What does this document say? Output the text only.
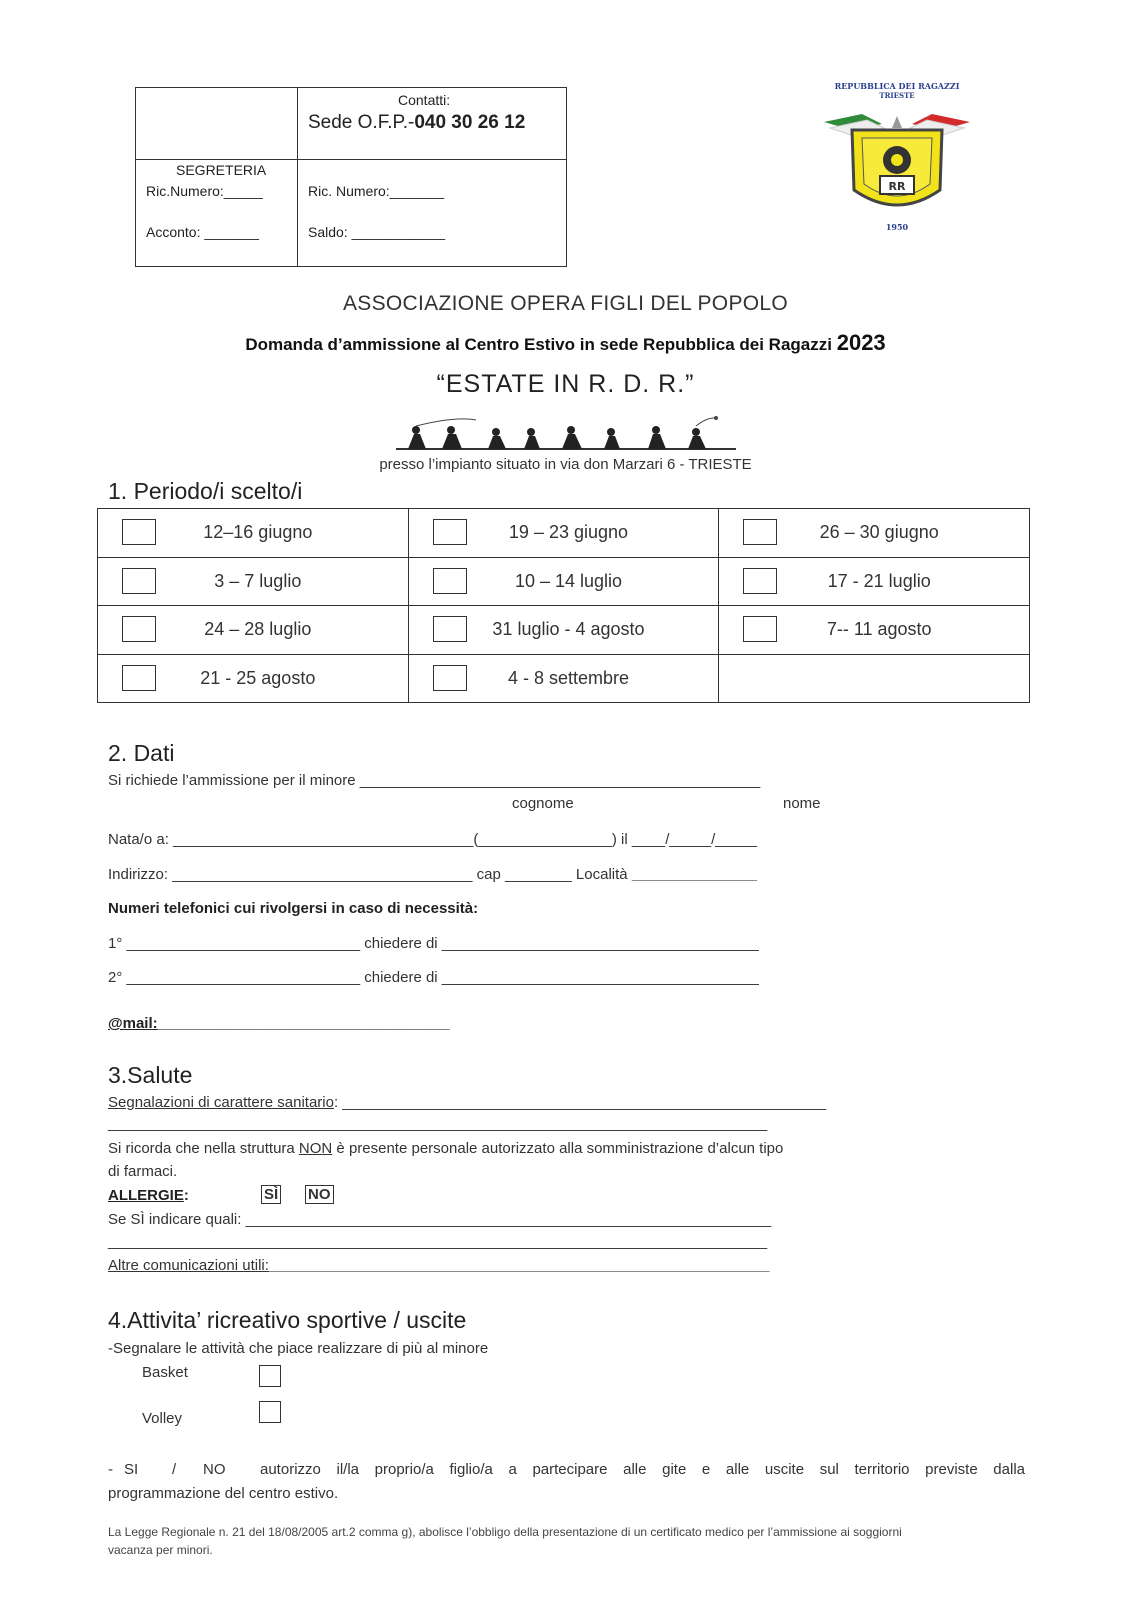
Contatti:
Sede O.F.P.-040 30 26 12
SEGRETERIA
Ric.Numero:_____	Ric. Numero:_______
Acconto: _______	Saldo: ____________
REPUBBLICA DEI RAGAZZI
TRIESTE
RR
1950
ASSOCIAZIONE OPERA FIGLI DEL POPOLO
Domanda d’ammissione al Centro Estivo in sede Repubblica dei Ragazzi 2023
“ESTATE IN R. D. R.”
presso l’impianto situato in via don Marzari 6 - TRIESTE
1. Periodo/i scelto/i
12–16 giugno	19 – 23 giugno	26 – 30 giugno

3 – 7 luglio	10 – 14 luglio	17 - 21 luglio

24 – 28 luglio	31 luglio - 4 agosto	7-- 11 agosto

21 - 25 agosto	4 - 8 settembre	
2. Dati
Si richiede l’ammissione per il minore ________________________________________________
cognome	nome
Nata/o a: ____________________________________(________________) il ____/_____/_____
Indirizzo: ____________________________________ cap ________ Località _______________
Numeri telefonici cui rivolgersi in caso di necessità:
1° ____________________________ chiedere di ______________________________________
2° ____________________________ chiedere di ______________________________________
@mail:___________________________________
3.Salute
Segnalazioni di carattere sanitario: __________________________________________________________
_______________________________________________________________________________
Si ricorda che nella struttura NON è presente personale autorizzato alla somministrazione d’alcun tipo
di farmaci.
ALLERGIE:	SÌ NO
Se SÌ indicare quali: _______________________________________________________________
_______________________________________________________________________________
Altre comunicazioni utili:____________________________________________________________
4.Attivita’ ricreativo sportive / uscite
-Segnalare le attività che piace realizzare di più al minore
Basket
Volley
- SI / NO autorizzo il/la proprio/a figlio/a a partecipare alle gite e alle uscite sul territorio previste dalla
programmazione del centro estivo.
La Legge Regionale n. 21 del 18/08/2005 art.2 comma g), abolisce l’obbligo della presentazione di un certificato medico per l’ammissione ai soggiorni
vacanza per minori.
